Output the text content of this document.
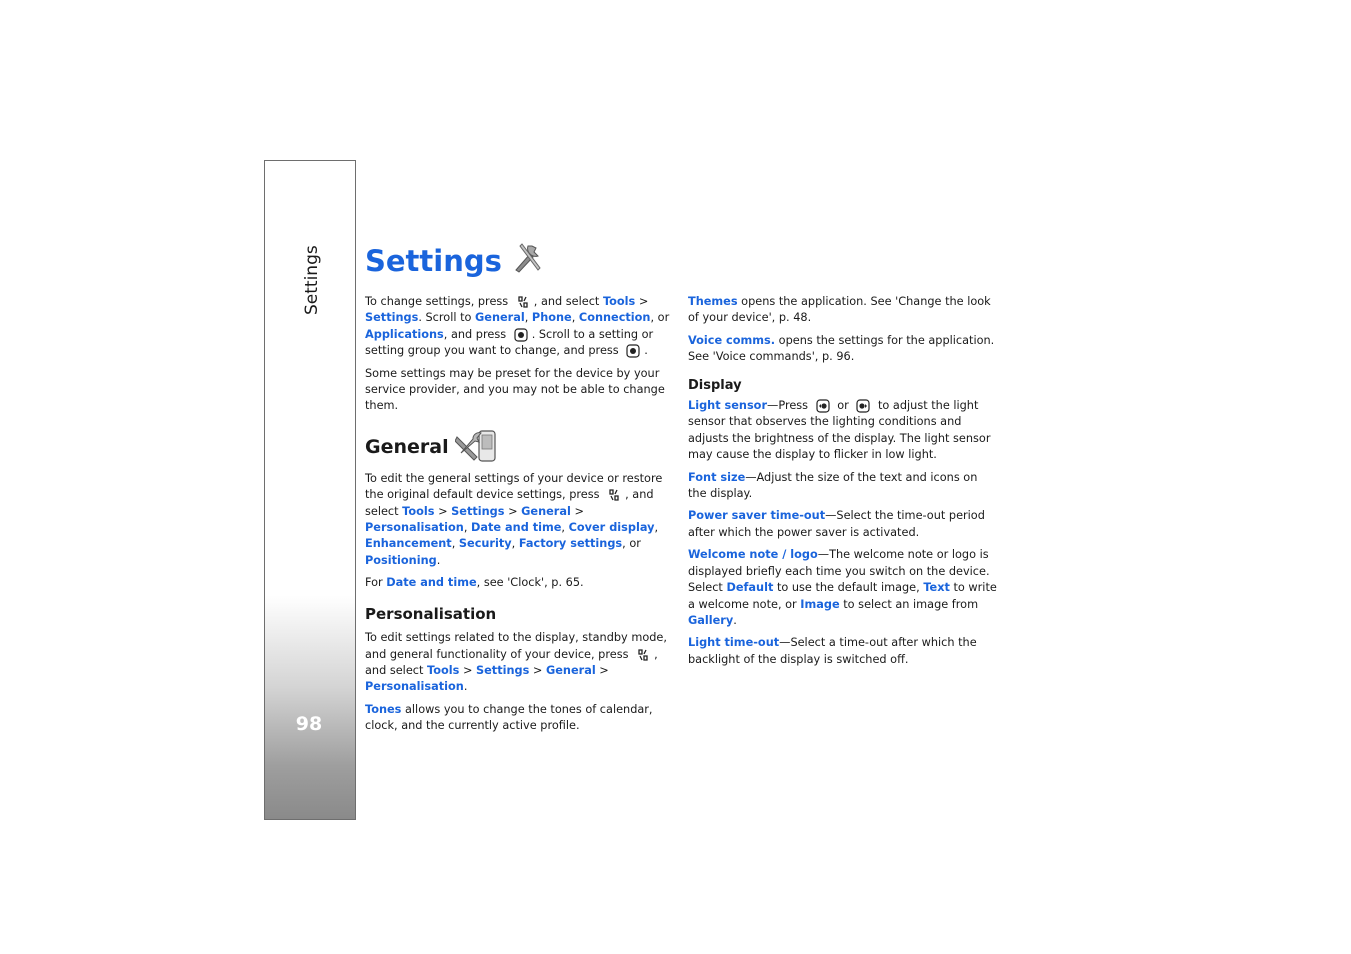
Settings
98
Settings

To change settings, press , and select Tools > Settings. Scroll to General, Phone, Connection, or Applications, and press . Scroll to a setting or setting group you want to change, and press .

Some settings may be preset for the device by your service provider, and you may not be able to change them.

General

To edit the general settings of your device or restore the original default device settings, press , and select Tools > Settings > General > Personalisation, Date and time, Cover display, Enhancement, Security, Factory settings, or Positioning.

For Date and time, see 'Clock', p. 65.

Personalisation

To edit settings related to the display, standby mode, and general functionality of your device, press , and select Tools > Settings > General > Personalisation.

Tones allows you to change the tones of calendar, clock, and the currently active profile.

Themes opens the application. See 'Change the look of your device', p. 48.

Voice comms. opens the settings for the application. See 'Voice commands', p. 96.

Display

Light sensor—Press	or	to adjust the light sensor that observes the lighting conditions and adjusts the brightness of the display. The light sensor may cause the display to flicker in low light.

Font size—Adjust the size of the text and icons on the display.

Power saver time-out—Select the time-out period after which the power saver is activated.

Welcome note / logo—The welcome note or logo is displayed briefly each time you switch on the device. Select Default to use the default image, Text to write a welcome note, or Image to select an image from Gallery.

Light time-out—Select a time-out after which the backlight of the display is switched off.
